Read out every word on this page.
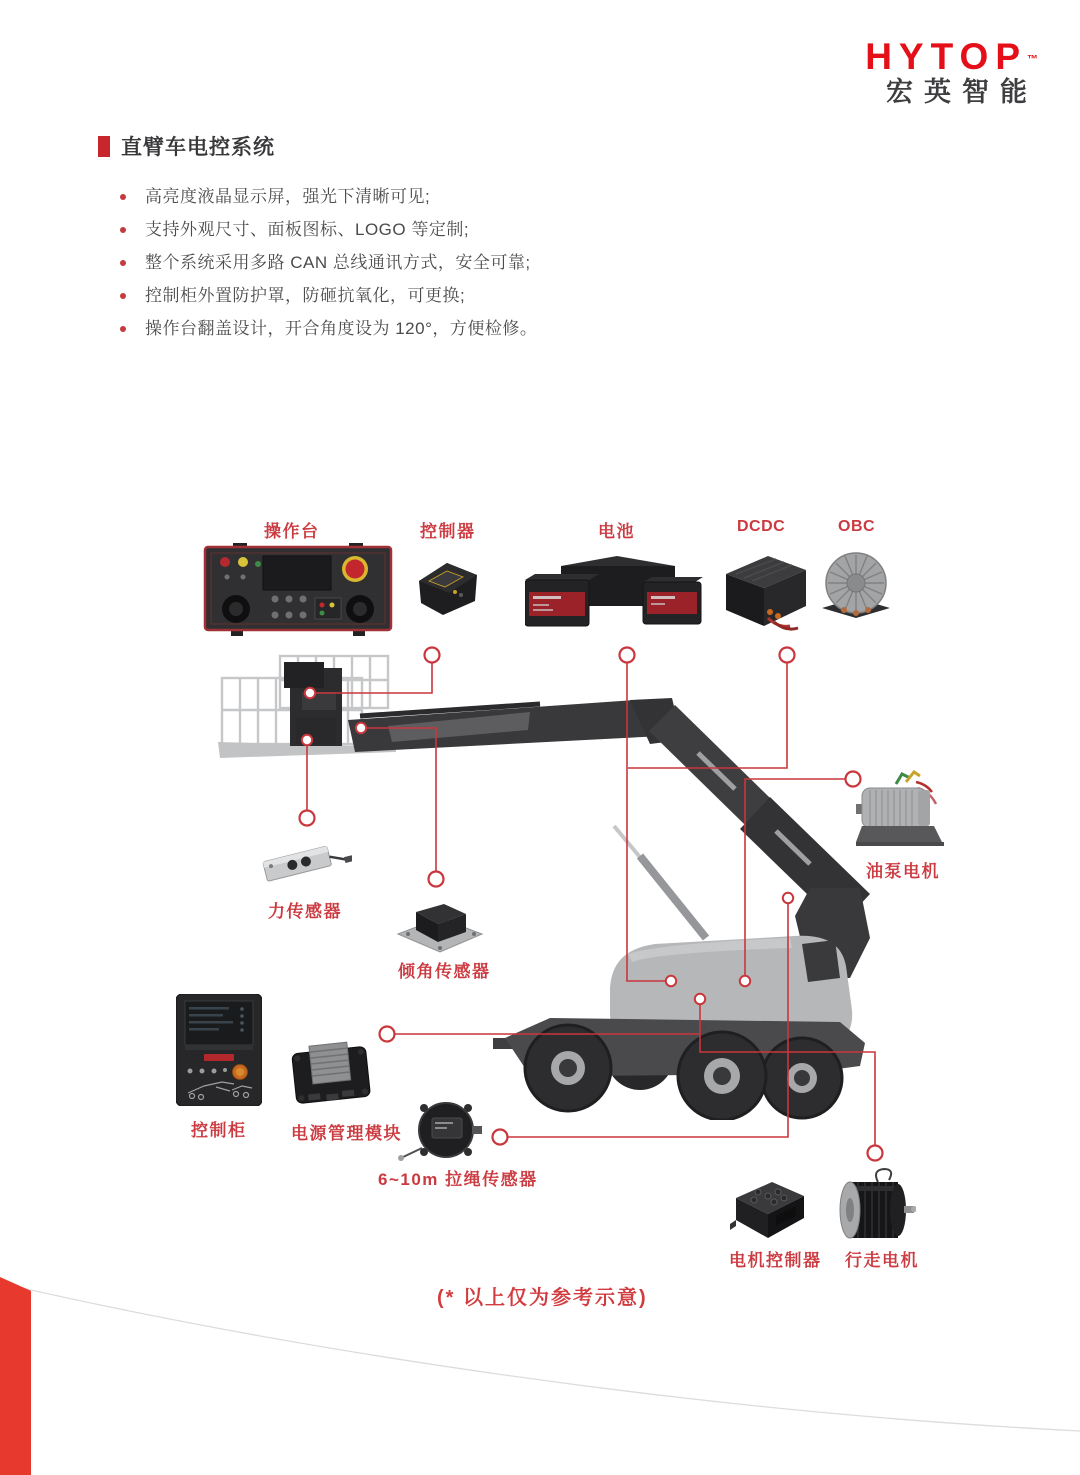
HYTOP™
宏英智能
直臂车电控系统
高亮度液晶显示屏，强光下清晰可见;
支持外观尺寸、面板图标、LOGO 等定制;
整个系统采用多路 CAN 总线通讯方式，安全可靠;
控制柜外置防护罩，防砸抗氧化，可更换;
操作台翻盖设计，开合角度设为 120°，方便检修。
操作台	控制器	电池	DCDC	OBC
力传感器
倾角传感器
油泵电机
控制柜	电源管理模块
6~10m 拉绳传感器
电机控制器 行走电机
(* 以上仅为参考示意)
